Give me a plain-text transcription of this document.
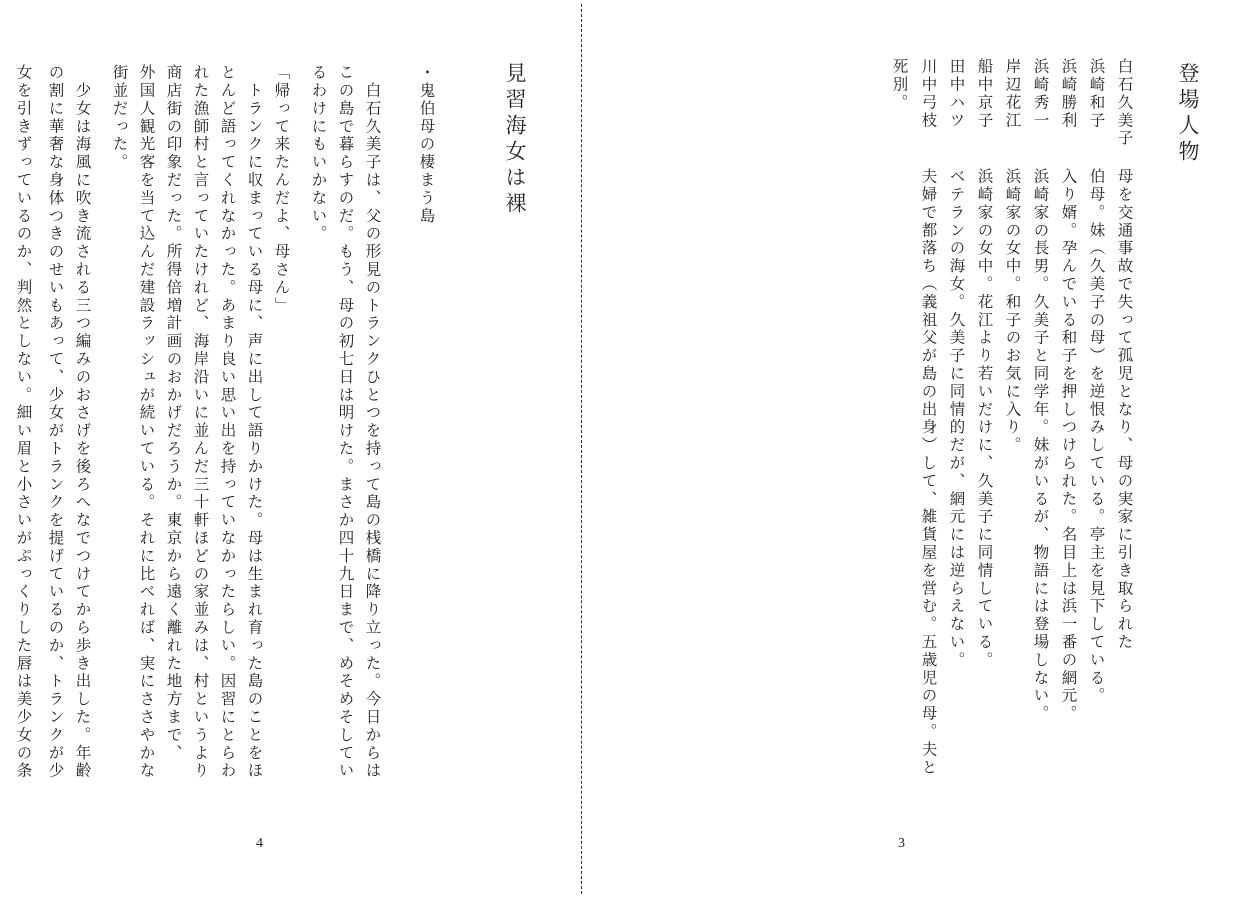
見習海女は裸
・鬼伯母の棲まう島
　白石久美子は、父の形見のトランクひとつを持って島の桟橋に降り立った。今日からは
この島で暮らすのだ。もう、母の初七日は明けた。まさか四十九日まで、めそめそしてい
るわけにもいかない。
「帰って来たんだよ、母さん」
　トランクに収まっている母に、声に出して語りかけた。母は生まれ育った島のことをほ
とんど語ってくれなかった。あまり良い思い出を持っていなかったらしい。因習にとらわ
れた漁師村と言っていたけれど、海岸沿いに並んだ三十軒ほどの家並みは、村というより
商店街の印象だった。所得倍増計画のおかげだろうか。東京から遠く離れた地方まで、
外国人観光客を当て込んだ建設ラッシュが続いている。それに比べれば、実にささやかな
街並だった。
　少女は海風に吹き流される三つ編みのおさげを後ろへなでつけてから歩き出した。年齢
の割に華奢な身体つきのせいもあって、少女がトランクを提げているのか、トランクが少
女を引きずっているのか、判然としない。細い眉と小さいがぷっくりした唇は美少女の条
4
登場人物
白石久美子
母を交通事故で失って孤児となり、母の実家に引き取られた
浜崎和子
伯母。妹（久美子の母）を逆恨みしている。亭主を見下している。
浜崎勝利
入り婿。孕んでいる和子を押しつけられた。名目上は浜一番の網元。
浜崎秀一
浜崎家の長男。久美子と同学年。妹がいるが、物語には登場しない。
岸辺花江
浜崎家の女中。和子のお気に入り。
船中京子
浜崎家の女中。花江より若いだけに、久美子に同情している。
田中ハツ
ベテランの海女。久美子に同情的だが、網元には逆らえない。
川中弓枝
夫婦で都落ち（義祖父が島の出身）して、雑貨屋を営む。五歳児の母。夫と
死別。
3
